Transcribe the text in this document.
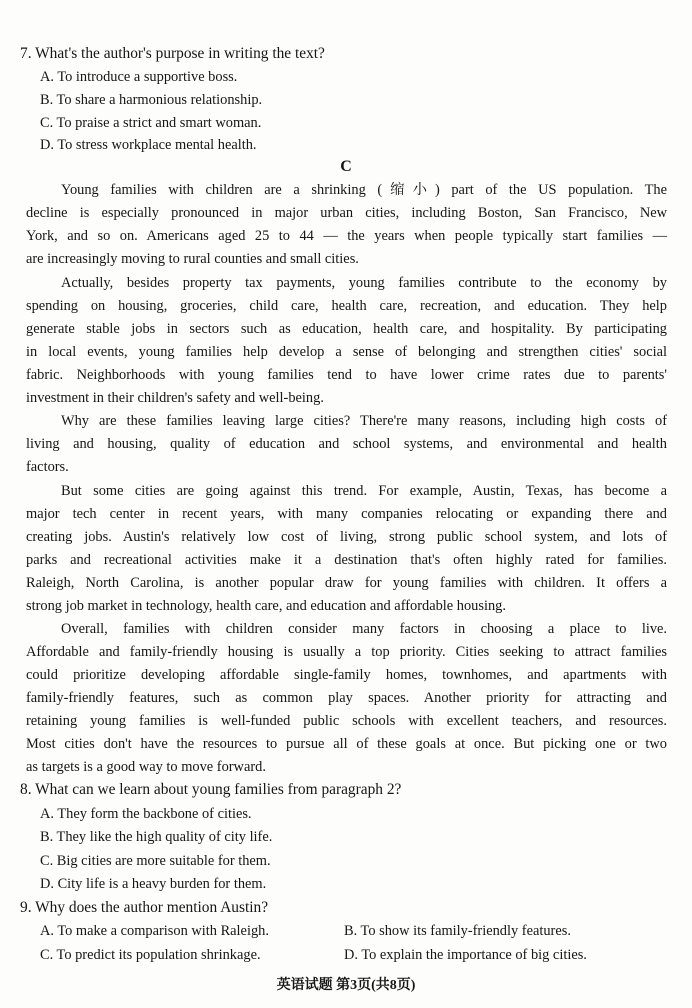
7. What's the author's purpose in writing the text?
A. To introduce a supportive boss.
B. To share a harmonious relationship.
C. To praise a strict and smart woman.
D. To stress workplace mental health.
C
Young families with children are a shrinking (缩小) part of the US population. The
decline is especially pronounced in major urban cities, including Boston, San Francisco, New
York, and so on. Americans aged 25 to 44 — the years when people typically start families —
are increasingly moving to rural counties and small cities.
Actually, besides property tax payments, young families contribute to the economy by
spending on housing, groceries, child care, health care, recreation, and education. They help
generate stable jobs in sectors such as education, health care, and hospitality. By participating
in local events, young families help develop a sense of belonging and strengthen cities' social
fabric. Neighborhoods with young families tend to have lower crime rates due to parents'
investment in their children's safety and well-being.
Why are these families leaving large cities? There're many reasons, including high costs of
living and housing, quality of education and school systems, and environmental and health
factors.
But some cities are going against this trend. For example, Austin, Texas, has become a
major tech center in recent years, with many companies relocating or expanding there and
creating jobs. Austin's relatively low cost of living, strong public school system, and lots of
parks and recreational activities make it a destination that's often highly rated for families.
Raleigh, North Carolina, is another popular draw for young families with children. It offers a
strong job market in technology, health care, and education and affordable housing.
Overall, families with children consider many factors in choosing a place to live.
Affordable and family-friendly housing is usually a top priority. Cities seeking to attract families
could prioritize developing affordable single-family homes, townhomes, and apartments with
family-friendly features, such as common play spaces. Another priority for attracting and
retaining young families is well-funded public schools with excellent teachers, and resources.
Most cities don't have the resources to pursue all of these goals at once. But picking one or two
as targets is a good way to move forward.
8. What can we learn about young families from paragraph 2?
A. They form the backbone of cities.
B. They like the high quality of city life.
C. Big cities are more suitable for them.
D. City life is a heavy burden for them.
9. Why does the author mention Austin?
A. To make a comparison with Raleigh.	B. To show its family-friendly features.
C. To predict its population shrinkage.	D. To explain the importance of big cities.
英语试题 第3页(共8页)
